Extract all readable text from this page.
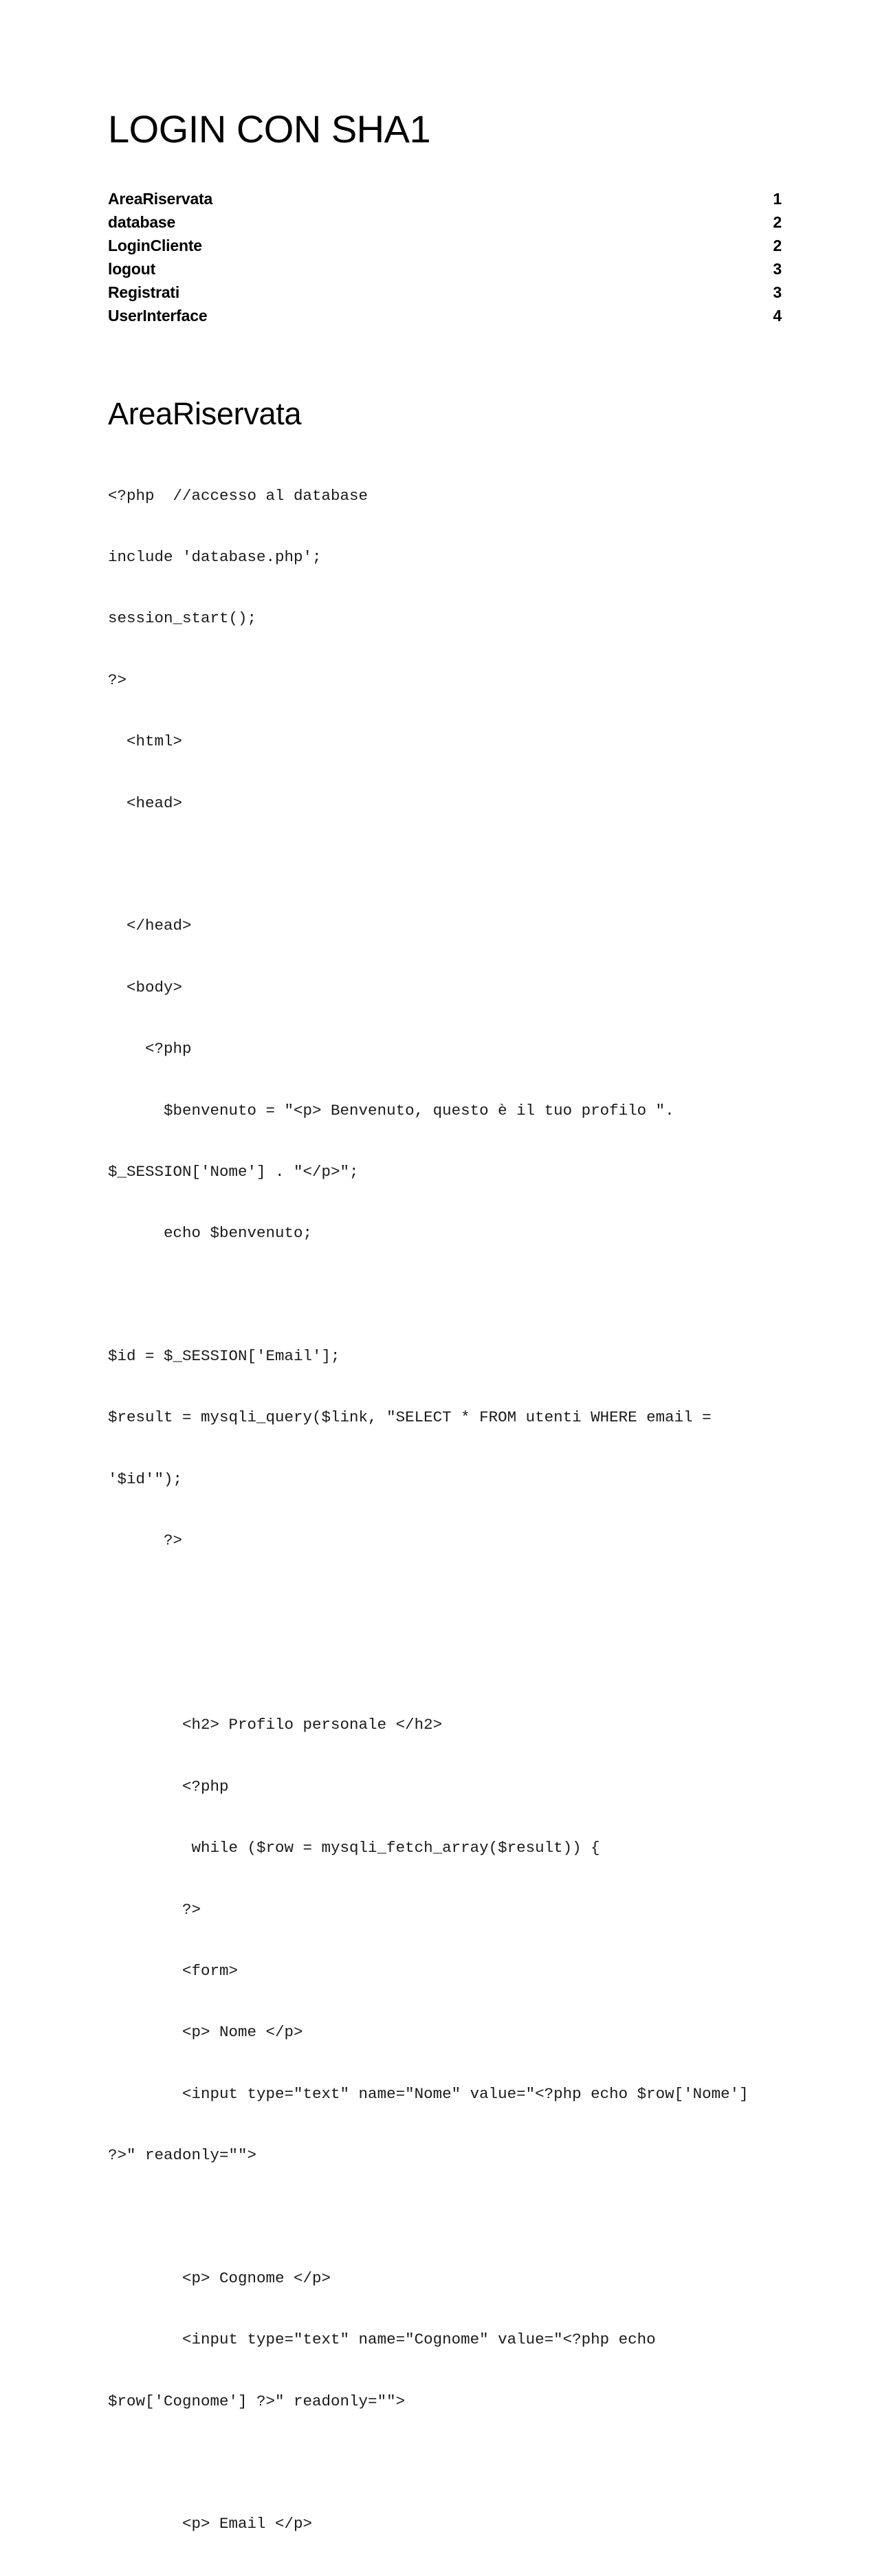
LOGIN CON SHA1
AreaRiservata	1
database	2
LoginCliente	2
logout	3
Registrati	3
UserInterface	4
AreaRiservata

<?php  //accesso al database

include 'database.php';

session_start();

?>

<html>

<head>

</head>

<body>

<?php

$benvenuto = "<p> Benvenuto, questo è il tuo profilo ".

$_SESSION['Nome'] . "</p>";

echo $benvenuto;

$id = $_SESSION['Email'];

$result = mysqli_query($link, "SELECT * FROM utenti WHERE email =

'$id'");

?>

<h2> Profilo personale </h2>

<?php

while ($row = mysqli_fetch_array($result)) {

?>

<form>

<p> Nome </p>

<input type="text" name="Nome" value="<?php echo $row['Nome']

?>" readonly="">

<p> Cognome </p>

<input type="text" name="Cognome" value="<?php echo

$row['Cognome'] ?>" readonly="">

<p> Email </p>
